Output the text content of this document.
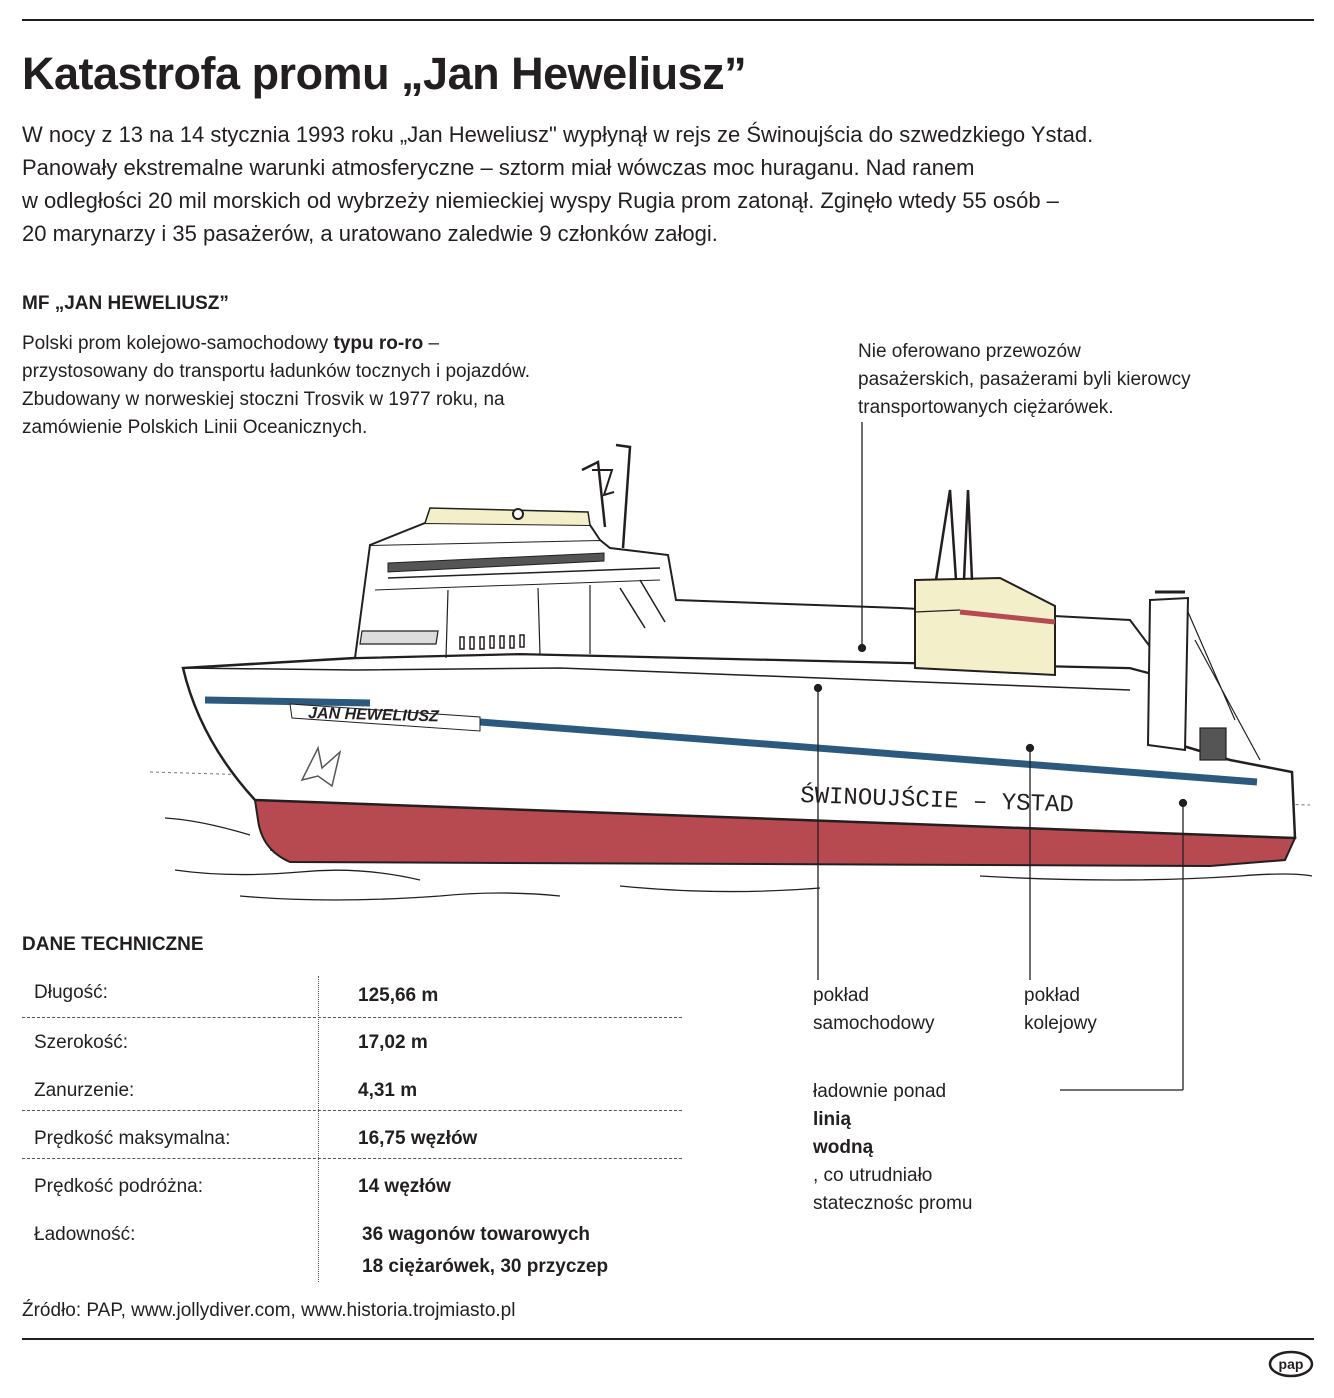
Katastrofa promu „Jan Heweliusz”

W nocy z 13 na 14 stycznia 1993 roku „Jan Heweliusz" wypłynął w rejs ze Świnoujścia do szwedzkiego Ystad.
Panowały ekstremalne warunki atmosferyczne – sztorm miał wówczas moc huraganu. Nad ranem
w odległości 20 mil morskich od wybrzeży niemieckiej wyspy Rugia prom zatonął. Zginęło wtedy 55 osób –
20 marynarzy i 35 pasażerów, a uratowano zaledwie 9 członków załogi.

MF „JAN HEWELIUSZ”

Polski prom kolejowo-samochodowy typu ro-ro – przystosowany do transportu ładunków tocznych i pojazdów. Zbudowany w norweskiej stoczni Trosvik w 1977 roku, na zamówienie Polskich Linii Oceanicznych.

Nie oferowano przewozów
pasażerskich, pasażerami byli kierowcy
transportowanych ciężarówek.

JAN HEWELIUSZ
ŚWINOUJŚCIE – YSTAD

pokład
samochodowy

pokład
kolejowy

ładownie ponad
linią
wodną
, co utrudniało
statecznośc promu

DANE TECHNICZNE
Długość:	125,66 m
Szerokość:	17,02 m
Zanurzenie:	4,31 m
Prędkość maksymalna:	16,75 węzłów
Prędkość podróżna:	14 węzłów
Ładowność:	36 wagonów towarowych
18 ciężarówek, 30 przyczep

Źródło: PAP, www.jollydiver.com, www.historia.trojmiasto.pl

pap
